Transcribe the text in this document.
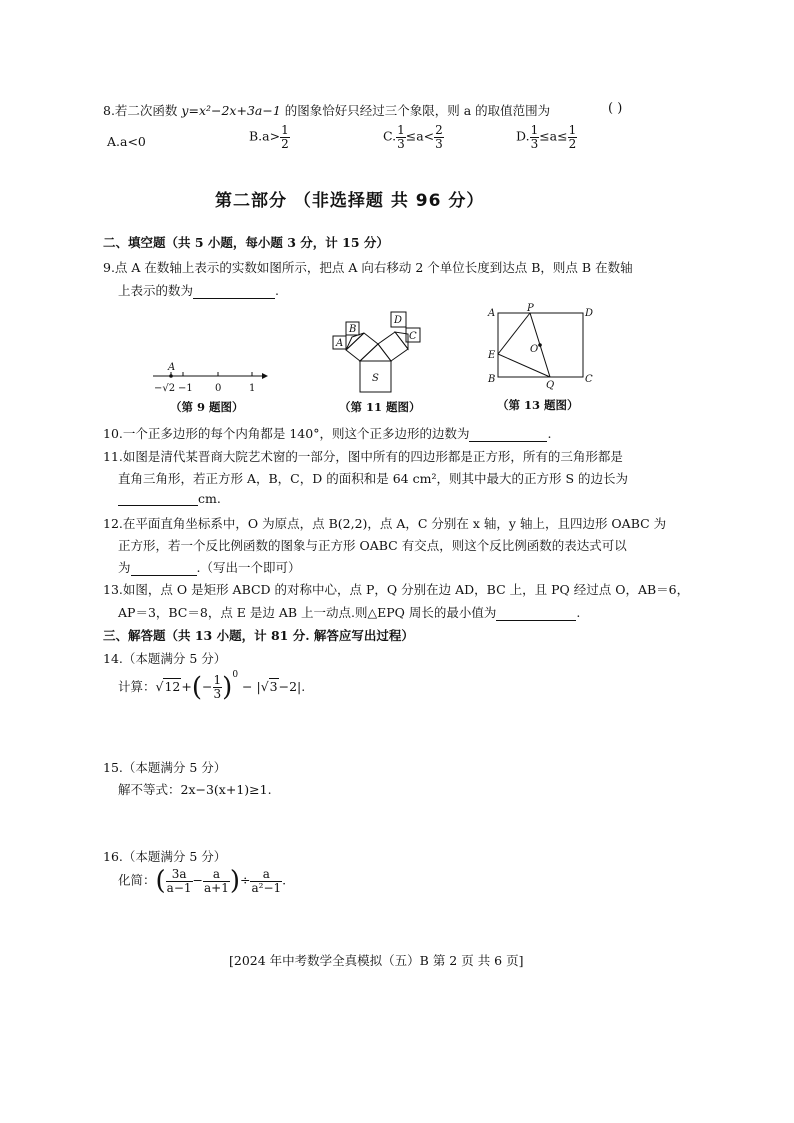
8.若二次函数 y=x²−2x+3a−1 的图象恰好只经过三个象限，则 a 的取值范围为	( )
A.a<0	$B.a> \frac{1}{2}$	C. $\frac{1}{3} \le a< \frac{2}{3}$	D. $\frac{1}{3} \le a\le \frac{1}{2}$
第二部分 （非选择题 共 96 分）
二、填空题（共 5 小题，每小题 3 分，计 15 分）
9.点 A 在数轴上表示的实数如图所示，把点 A 向右移动 2 个单位长度到达点 B，则点 B 在数轴
上表示的数为	.
A
−√2 −1 0	1
（第 9 题图）
A
B
D
C
S
（第 11 题图）
A	D
B	C
P
Q
E
O
（第 13 题图）
10.一个正多边形的每个内角都是 140°，则这个正多边形的边数为	.
11.如图是清代某晋商大院艺术窗的一部分，图中所有的四边形都是正方形，所有的三角形都是
直角三角形，若正方形 A，B，C，D 的面积和是 64 cm²，则其中最大的正方形 S 的边长为
cm.
12.在平面直角坐标系中，O 为原点，点 B(2,2)，点 A，C 分别在 x 轴，y 轴上，且四边形 OABC 为
正方形，若一个反比例函数的图象与正方形 OABC 有交点，则这个反比例函数的表达式可以
为	.（写出一个即可）
13.如图，点 O 是矩形 ABCD 的对称中心，点 P，Q 分别在边 AD，BC 上，且 PQ 经过点 O，AB＝6，
AP＝3，BC＝8，点 E 是边 AB 上一动点.则△EPQ 周长的最小值为	.
三、解答题（共 13 小题，计 81 分. 解答应写出过程）
14.（本题满分 5 分）
计算：$√12+(- \frac{1}{3} )^0 - |√3-2|$.
15.（本题满分 5 分）
解不等式：2x−3(x+1)≥1.
16.（本题满分 5 分）
化简：( $\frac{3a}{a-1} - \frac{a}{a+1}$ )÷ $\frac{a}{\text{a²−1}}$ .
[2024 年中考数学全真模拟（五）B 第 2 页 共 6 页]
